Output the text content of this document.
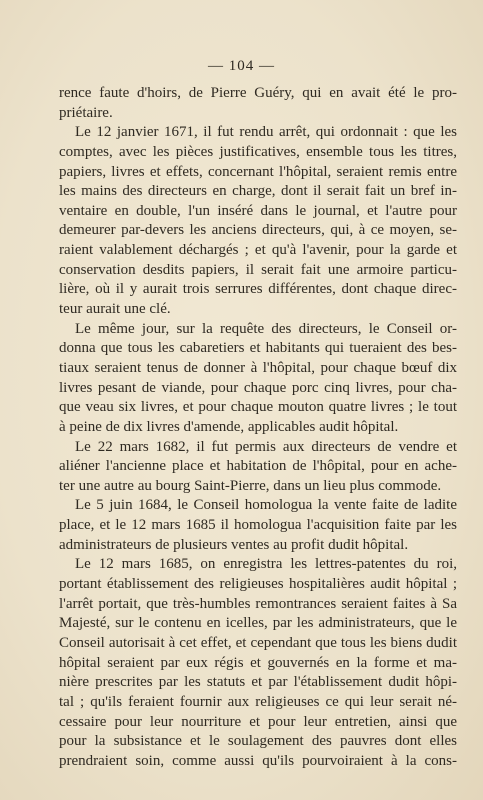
— 104 —
rence faute d'hoirs, de Pierre Guéry, qui en avait été le pro-
priétaire.
Le 12 janvier 1671, il fut rendu arrêt, qui ordonnait : que les
comptes, avec les pièces justificatives, ensemble tous les titres,
papiers, livres et effets, concernant l'hôpital, seraient remis entre
les mains des directeurs en charge, dont il serait fait un bref in-
ventaire en double, l'un inséré dans le journal, et l'autre pour
demeurer par-devers les anciens directeurs, qui, à ce moyen, se-
raient valablement déchargés ; et qu'à l'avenir, pour la garde et
conservation desdits papiers, il serait fait une armoire particu-
lière, où il y aurait trois serrures différentes, dont chaque direc-
teur aurait une clé.
Le même jour, sur la requête des directeurs, le Conseil or-
donna que tous les cabaretiers et habitants qui tueraient des bes-
tiaux seraient tenus de donner à l'hôpital, pour chaque bœuf dix
livres pesant de viande, pour chaque porc cinq livres, pour cha-
que veau six livres, et pour chaque mouton quatre livres ; le tout
à peine de dix livres d'amende, applicables audit hôpital.
Le 22 mars 1682, il fut permis aux directeurs de vendre et
aliéner l'ancienne place et habitation de l'hôpital, pour en ache-
ter une autre au bourg Saint-Pierre, dans un lieu plus commode.
Le 5 juin 1684, le Conseil homologua la vente faite de ladite
place, et le 12 mars 1685 il homologua l'acquisition faite par les
administrateurs de plusieurs ventes au profit dudit hôpital.
Le 12 mars 1685, on enregistra les lettres-patentes du roi,
portant établissement des religieuses hospitalières audit hôpital ;
l'arrêt portait, que très-humbles remontrances seraient faites à Sa
Majesté, sur le contenu en icelles, par les administrateurs, que le
Conseil autorisait à cet effet, et cependant que tous les biens dudit
hôpital seraient par eux régis et gouvernés en la forme et ma-
nière prescrites par les statuts et par l'établissement dudit hôpi-
tal ; qu'ils feraient fournir aux religieuses ce qui leur serait né-
cessaire pour leur nourriture et pour leur entretien, ainsi que
pour la subsistance et le soulagement des pauvres dont elles
prendraient soin, comme aussi qu'ils pourvoiraient à la cons-
